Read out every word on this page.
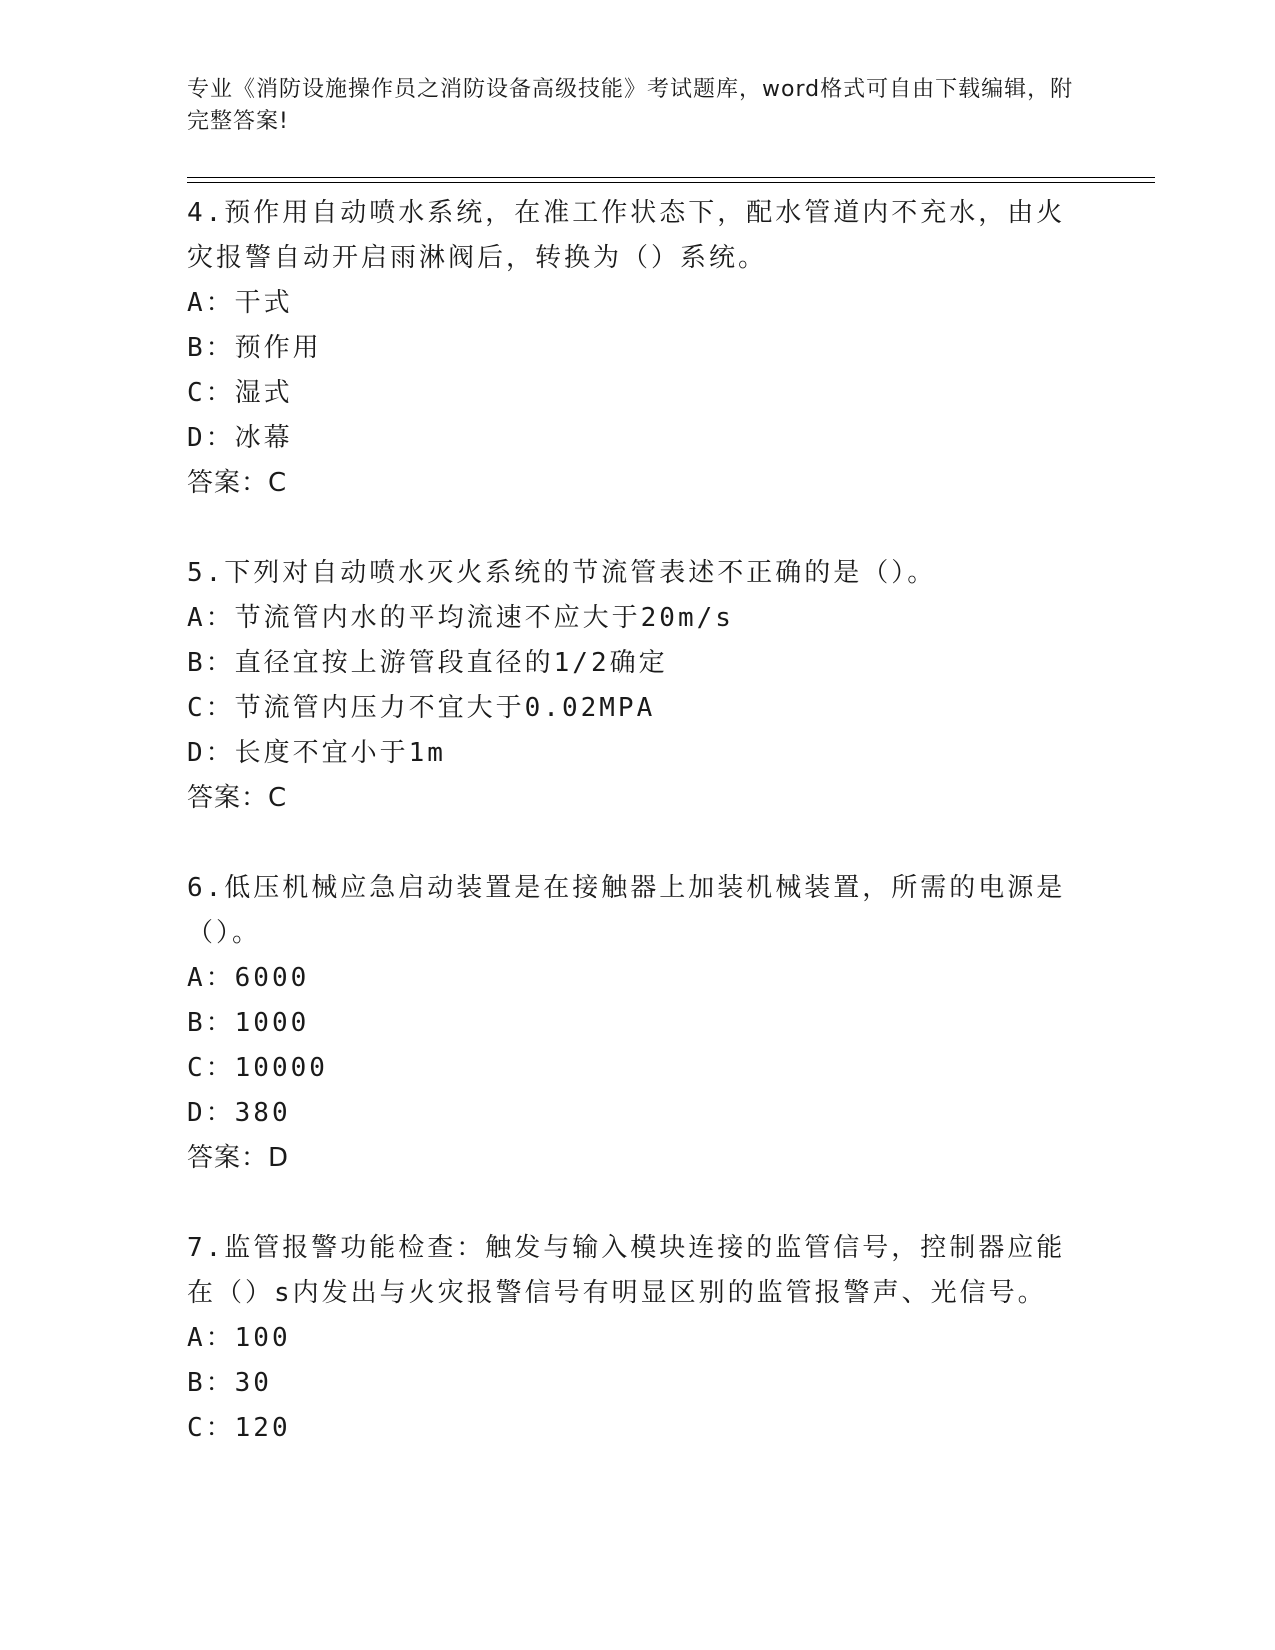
专业《消防设施操作员之消防设备高级技能》考试题库，word格式可自由下载编辑，附完整答案!
4.预作用自动喷水系统，在准工作状态下，配水管道内不充水，由火灾报警自动开启雨淋阀后，转换为（）系统。
A：干式
B：预作用
C：湿式
D：冰幕
答案：C
5.下列对自动喷水灭火系统的节流管表述不正确的是（）。
A：节流管内水的平均流速不应大于20m/s
B：直径宜按上游管段直径的1/2确定
C：节流管内压力不宜大于0.02MPA
D：长度不宜小于1m
答案：C
6.低压机械应急启动装置是在接触器上加装机械装置，所需的电源是（）。
A：6000
B：1000
C：10000
D：380
答案：D
7.监管报警功能检查：触发与输入模块连接的监管信号，控制器应能在（）s内发出与火灾报警信号有明显区别的监管报警声、光信号。
A：100
B：30
C：120
